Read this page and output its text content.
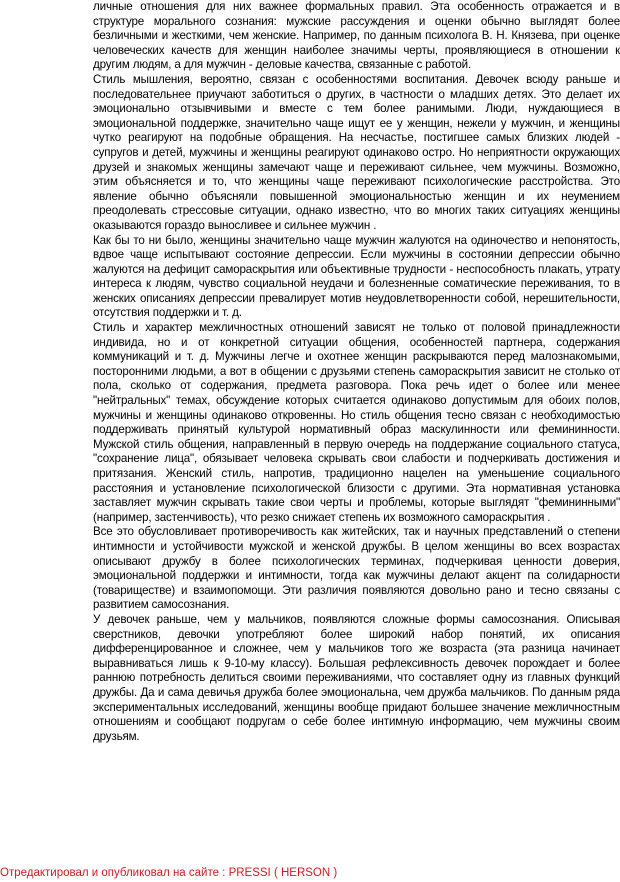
личные отношения для них важнее формальных правил. Эта особенность отражается и в структуре морального сознания: мужские рассуждения и оценки обычно выглядят более безличными и жесткими, чем женские. Например, по данным психолога В. Н. Князева, при оценке человеческих качеств для женщин наиболее значимы черты, проявляющиеся в отношении к другим людям, а для мужчин - деловые качества, связанные с работой.

Стиль мышления, вероятно, связан с особенностями воспитания. Девочек всюду раньше и последовательнее приучают заботиться о других, в частности о младших детях. Это делает их эмоционально отзывчивыми и вместе с тем более ранимыми. Люди, нуждающиеся в эмоциональной поддержке, значительно чаще ищут ее у женщин, нежели у мужчин, и женщины чутко реагируют на подобные обращения. На несчастье, постигшее самых близких людей - супругов и детей, мужчины и женщины реагируют одинаково остро. Но неприятности окружающих друзей и знакомых женщины замечают чаще и переживают сильнее, чем мужчины. Возможно, этим объясняется и то, что женщины чаще переживают психологические расстройства. Это явление обычно объясняли повышенной эмоциональностью женщин и их неумением преодолевать стрессовые ситуации, однако известно, что во многих таких ситуациях женщины оказываются гораздо выносливее и сильнее мужчин .

Как бы то ни было, женщины значительно чаще мужчин жалуются на одиночество и непонятость, вдвое чаще испытывают состояние депрессии. Если мужчины в состоянии депрессии обычно жалуются на дефицит самораскрытия или объективные трудности - неспособность плакать, утрату интереса к людям, чувство социальной неудачи и болезненные соматические переживания, то в женских описаниях депрессии превалирует мотив неудовлетворенности собой, нерешительности, отсутствия поддержки и т. д.

Стиль и характер межличностных отношений зависят не только от половой принадлежности индивида, но и от конкретной ситуации общения, особенностей партнера, содержания коммуникаций и т. д. Мужчины легче и охотнее женщин раскрываются перед малознакомыми, посторонними людьми, а вот в общении с друзьями степень самораскрытия зависит не столько от пола, сколько от содержания, предмета разговора. Пока речь идет о более или менее "нейтральных" темах, обсуждение которых считается одинаково допустимым для обоих полов, мужчины и женщины одинаково откровенны. Но стиль общения тесно связан с необходимостью поддерживать принятый культурой нормативный образ маскулинности или фемининности. Мужской стиль общения, направленный в первую очередь на поддержание социального статуса, "сохранение лица", обязывает человека скрывать свои слабости и подчеркивать достижения и притязания. Женский стиль, напротив, традиционно нацелен на уменьшение социального расстояния и установление психологической близости с другими. Эта нормативная установка заставляет мужчин скрывать такие свои черты и проблемы, которые выглядят "фемининными" (например, застенчивость), что резко снижает степень их возможного самораскрытия .

Все это обусловливает противоречивость как житейских, так и научных представлений о степени интимности и устойчивости мужской и женской дружбы. В целом женщины во всех возрастах описывают дружбу в более психологических терминах, подчеркивая ценности доверия, эмоциональной поддержки и интимности, тогда как мужчины делают акцент па солидарности (товариществе) и взаимопомощи. Эти различия появляются довольно рано и тесно связаны с развитием самосознания.

У девочек раньше, чем у мальчиков, появляются сложные формы самосознания. Описывая сверстников, девочки употребляют более широкий набор понятий, их описания дифференцированное и сложнее, чем у мальчиков того же возраста (эта разница начинает выравниваться лишь к 9-10-му классу). Большая рефлексивность девочек порождает и более раннюю потребность делиться своими переживаниями, что составляет одну из главных функций дружбы. Да и сама девичья дружба более эмоциональна, чем дружба мальчиков. По данным ряда экспериментальных исследований, женщины вообще придают большее значение межличностным отношениям и сообщают подругам о себе более интимную информацию, чем мужчины своим друзьям.

Отредактировал и опубликовал на сайте : PRESSI ( HERSON )
